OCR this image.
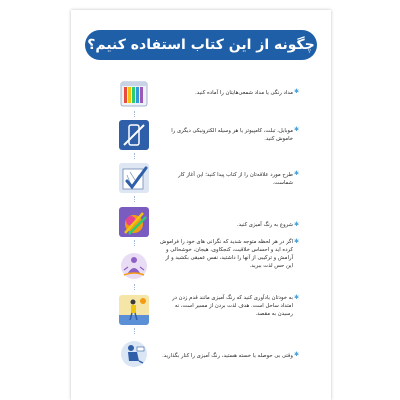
چگونه از این کتاب استفاده کنیم؟
✱
مداد رنگی یا مداد شمعی‌هایتان را آماده کنید.
✱
موبایل، تبلت، کامپیوتر یا هر وسیله الکترونیکی دیگری را خاموش کنید.
✱
طرح مورد علاقه‌تان را از کتاب پیدا کنید؛ این آغاز کار شماست.
✱
شروع به رنگ آمیزی کنید.
✱
اگر در هر لحظه متوجه شدید که نگرانی های خود را فراموش کرده اید و احساس خلاقیت، کنجکاوی، هیجان، خوشحالی و آرامش و ترکیبی از آنها را داشتید، نفس عمیقی بکشید و از این حس لذت ببرید.
✱
به خودتان یادآوری کنید که رنگ آمیزی مانند قدم زدن در امتداد ساحل است. هدف لذت بردن از مسیر است، نه رسیدن به مقصد.
✱
وقتی بی حوصله یا خسته هستید، رنگ آمیزی را کنار بگذارید.
